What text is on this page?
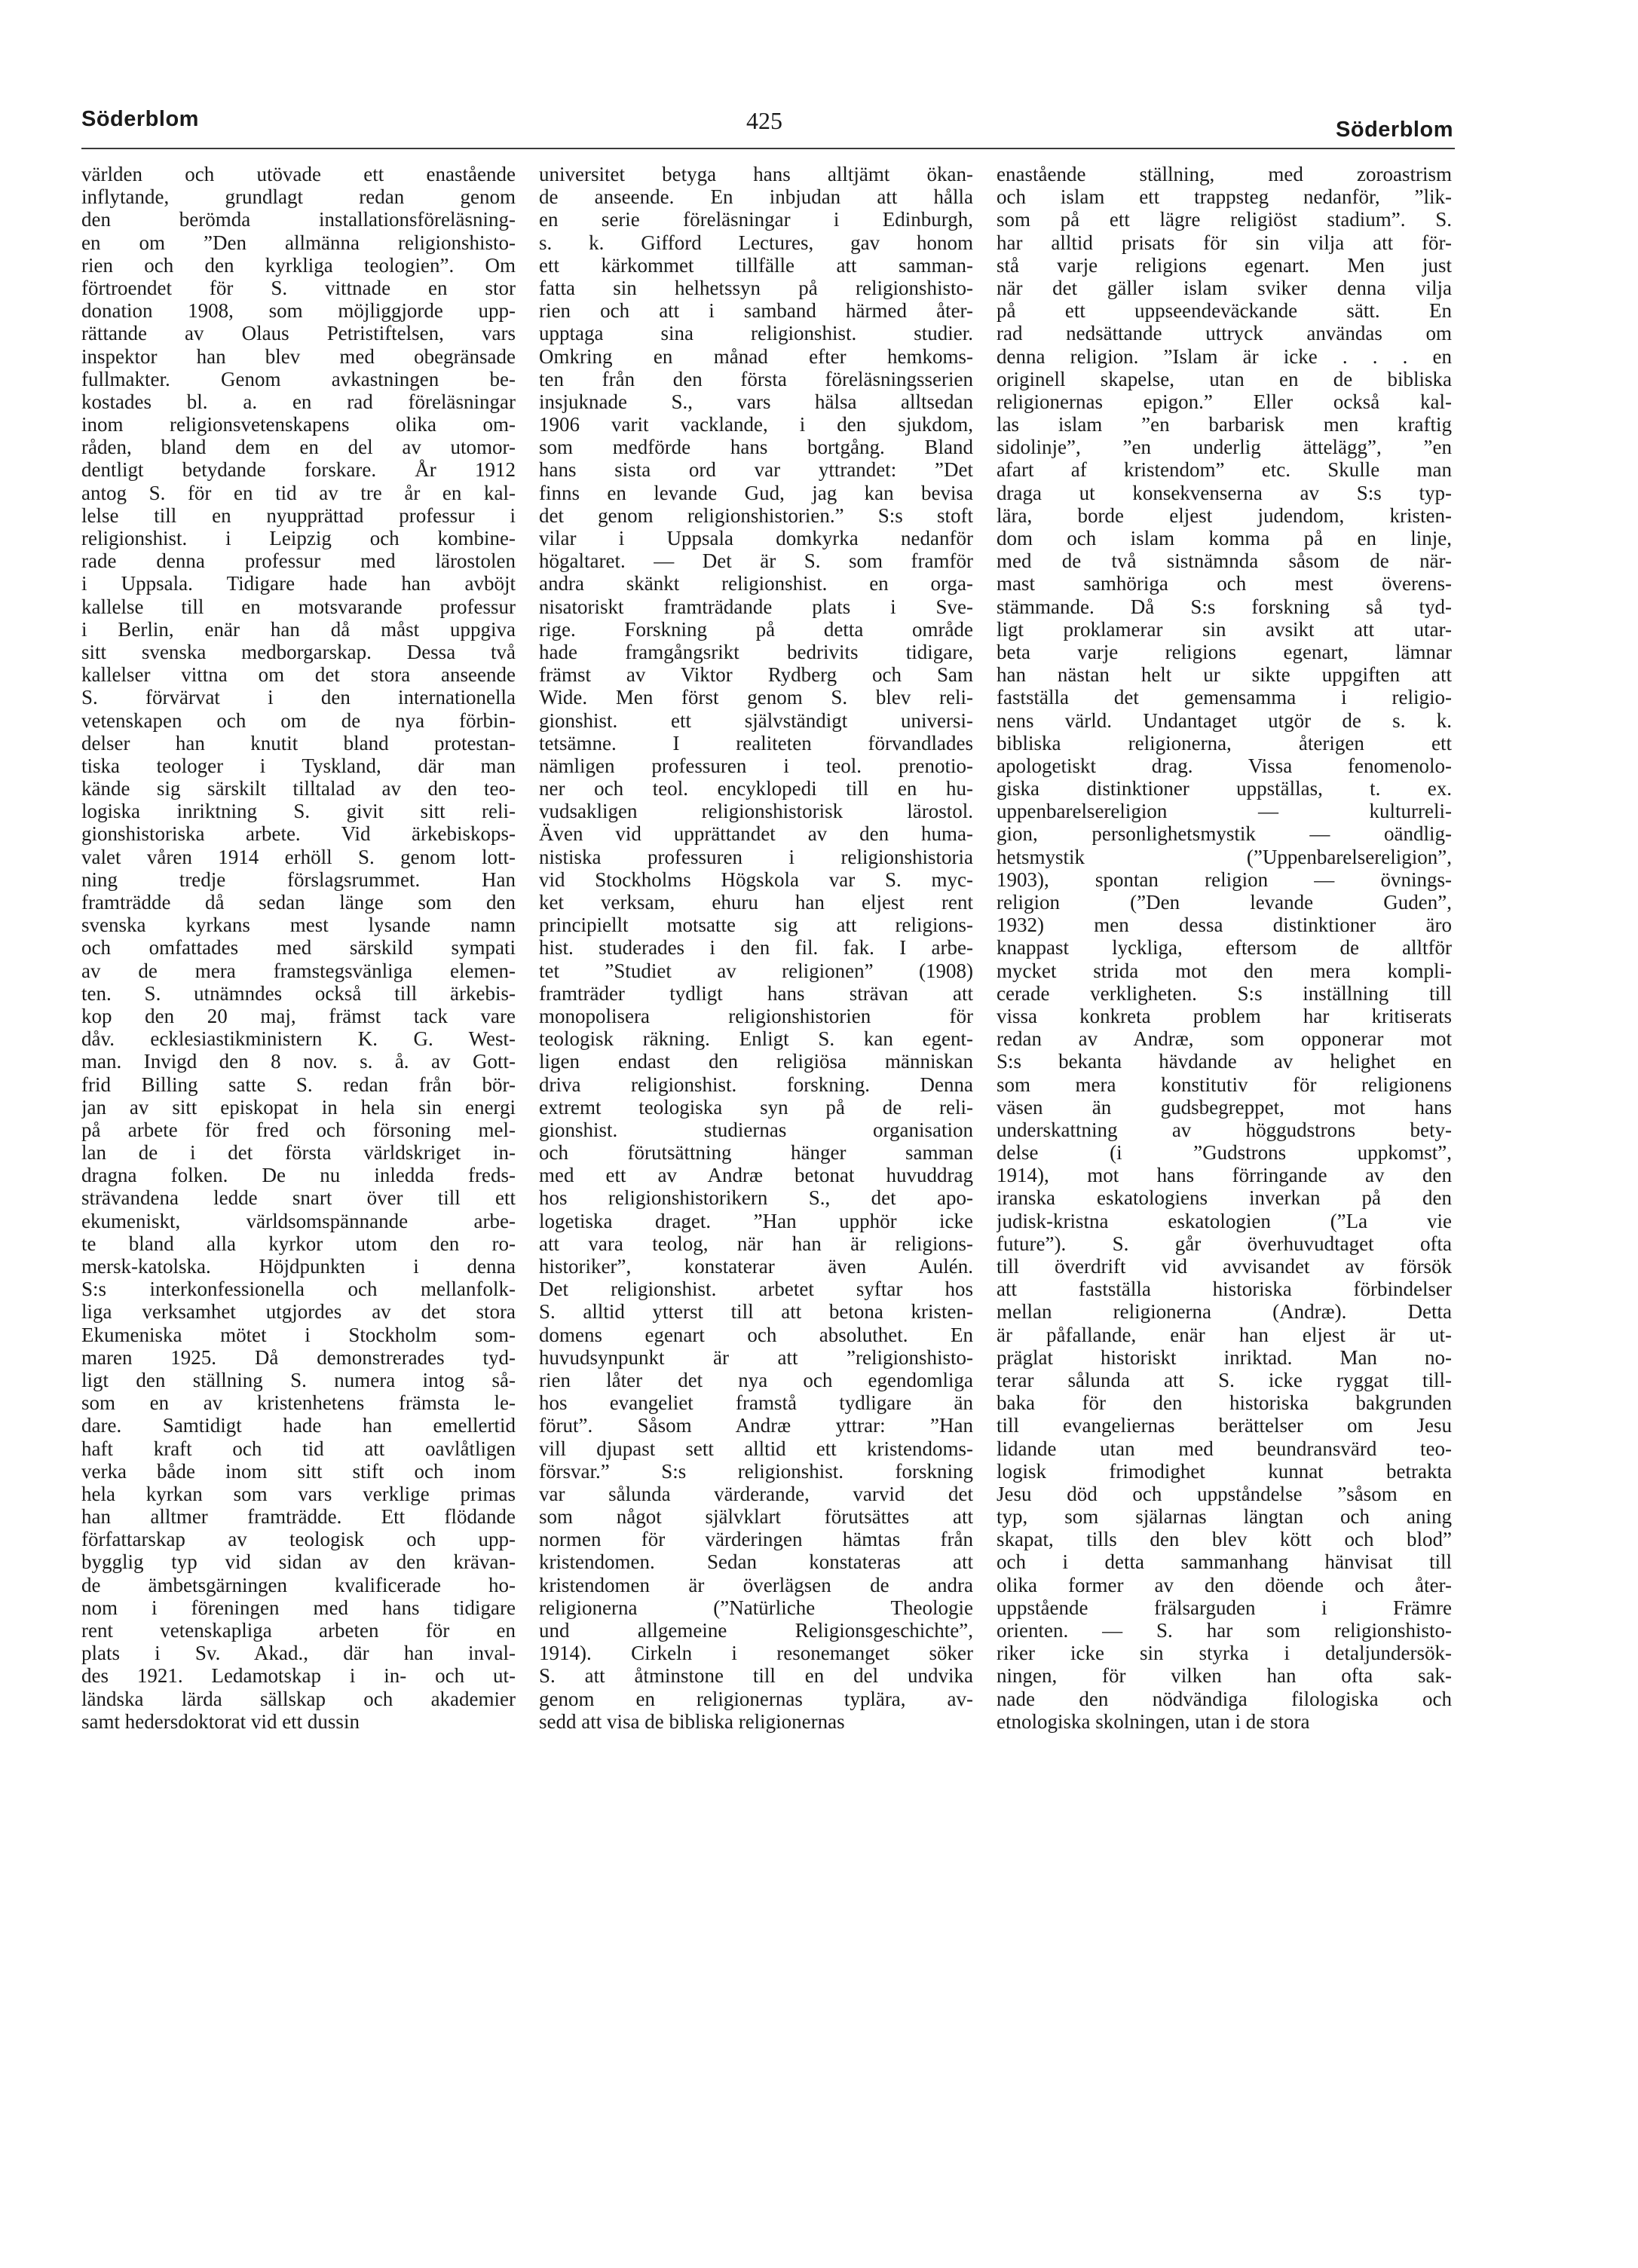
Söderblom	425	Söderblom
världen och utövade ett enastående
inflytande, grundlagt redan genom
den berömda installationsföreläsning-
en om ”Den allmänna religionshisto-
rien och den kyrkliga teologien”. Om
förtroendet för S. vittnade en stor
donation 1908, som möjliggjorde upp-
rättande av Olaus Petristiftelsen, vars
inspektor han blev med obegränsade
fullmakter. Genom avkastningen be-
kostades bl. a. en rad föreläsningar
inom religionsvetenskapens olika om-
råden, bland dem en del av utomor-
dentligt betydande forskare. År 1912
antog S. för en tid av tre år en kal-
lelse till en nyupprättad professur i
religionshist. i Leipzig och kombine-
rade denna professur med lärostolen
i Uppsala. Tidigare hade han avböjt
kallelse till en motsvarande professur
i Berlin, enär han då måst uppgiva
sitt svenska medborgarskap. Dessa två
kallelser vittna om det stora anseende
S. förvärvat i den internationella
vetenskapen och om de nya förbin-
delser han knutit bland protestan-
tiska teologer i Tyskland, där man
kände sig särskilt tilltalad av den teo-
logiska inriktning S. givit sitt reli-
gionshistoriska arbete. Vid ärkebiskops-
valet våren 1914 erhöll S. genom lott-
ning tredje förslagsrummet. Han
framträdde då sedan länge som den
svenska kyrkans mest lysande namn
och omfattades med särskild sympati
av de mera framstegsvänliga elemen-
ten. S. utnämndes också till ärkebis-
kop den 20 maj, främst tack vare
dåv. ecklesiastikministern K. G. West-
man. Invigd den 8 nov. s. å. av Gott-
frid Billing satte S. redan från bör-
jan av sitt episkopat in hela sin energi
på arbete för fred och försoning mel-
lan de i det första världskriget in-
dragna folken. De nu inledda freds-
strävandena ledde snart över till ett
ekumeniskt, världsomspännande arbe-
te bland alla kyrkor utom den ro-
mersk-katolska. Höjdpunkten i denna
S:s interkonfessionella och mellanfolk-
liga verksamhet utgjordes av det stora
Ekumeniska mötet i Stockholm som-
maren 1925. Då demonstrerades tyd-
ligt den ställning S. numera intog så-
som en av kristenhetens främsta le-
dare. Samtidigt hade han emellertid
haft kraft och tid att oavlåtligen
verka både inom sitt stift och inom
hela kyrkan som vars verklige primas
han alltmer framträdde. Ett flödande
författarskap av teologisk och upp-
bygglig typ vid sidan av den krävan-
de ämbetsgärningen kvalificerade ho-
nom i föreningen med hans tidigare
rent vetenskapliga arbeten för en
plats i Sv. Akad., där han inval-
des 1921. Ledamotskap i in- och ut-
ländska lärda sällskap och akademier
samt hedersdoktorat vid ett dussin
universitet betyga hans alltjämt ökan-
de anseende. En inbjudan att hålla
en serie föreläsningar i Edinburgh,
s. k. Gifford Lectures, gav honom
ett kärkommet tillfälle att samman-
fatta sin helhetssyn på religionshisto-
rien och att i samband härmed åter-
upptaga sina religionshist. studier.
Omkring en månad efter hemkoms-
ten från den första föreläsningsserien
insjuknade S., vars hälsa alltsedan
1906 varit vacklande, i den sjukdom,
som medförde hans bortgång. Bland
hans sista ord var yttrandet: ”Det
finns en levande Gud, jag kan bevisa
det genom religionshistorien.” S:s stoft
vilar i Uppsala domkyrka nedanför
högaltaret. — Det är S. som framför
andra skänkt religionshist. en orga-
nisatoriskt framträdande plats i Sve-
rige. Forskning på detta område
hade framgångsrikt bedrivits tidigare,
främst av Viktor Rydberg och Sam
Wide. Men först genom S. blev reli-
gionshist. ett självständigt universi-
tetsämne. I realiteten förvandlades
nämligen professuren i teol. prenotio-
ner och teol. encyklopedi till en hu-
vudsakligen religionshistorisk lärostol.
Även vid upprättandet av den huma-
nistiska professuren i religionshistoria
vid Stockholms Högskola var S. myc-
ket verksam, ehuru han eljest rent
principiellt motsatte sig att religions-
hist. studerades i den fil. fak. I arbe-
tet ”Studiet av religionen” (1908)
framträder tydligt hans strävan att
monopolisera religionshistorien för
teologisk räkning. Enligt S. kan egent-
ligen endast den religiösa människan
driva religionshist. forskning. Denna
extremt teologiska syn på de reli-
gionshist. studiernas organisation
och förutsättning hänger samman
med ett av Andræ betonat huvuddrag
hos religionshistorikern S., det apo-
logetiska draget. ”Han upphör icke
att vara teolog, när han är religions-
historiker”, konstaterar även Aulén.
Det religionshist. arbetet syftar hos
S. alltid ytterst till att betona kristen-
domens egenart och absoluthet. En
huvudsynpunkt är att ”religionshisto-
rien låter det nya och egendomliga
hos evangeliet framstå tydligare än
förut”. Såsom Andræ yttrar: ”Han
vill djupast sett alltid ett kristendoms-
försvar.” S:s religionshist. forskning
var sålunda värderande, varvid det
som något självklart förutsättes att
normen för värderingen hämtas från
kristendomen. Sedan konstateras att
kristendomen är överlägsen de andra
religionerna (”Natürliche Theologie
und allgemeine Religionsgeschichte”,
1914). Cirkeln i resonemanget söker
S. att åtminstone till en del undvika
genom en religionernas typlära, av-
sedd att visa de bibliska religionernas
enastående ställning, med zoroastrism
och islam ett trappsteg nedanför, ”lik-
som på ett lägre religiöst stadium”. S.
har alltid prisats för sin vilja att för-
stå varje religions egenart. Men just
när det gäller islam sviker denna vilja
på ett uppseendeväckande sätt. En
rad nedsättande uttryck användas om
denna religion. ”Islam är icke . . . en
originell skapelse, utan en de bibliska
religionernas epigon.” Eller också kal-
las islam ”en barbarisk men kraftig
sidolinje”, ”en underlig ättelägg”, ”en
afart af kristendom” etc. Skulle man
draga ut konsekvenserna av S:s typ-
lära, borde eljest judendom, kristen-
dom och islam komma på en linje,
med de två sistnämnda såsom de när-
mast samhöriga och mest överens-
stämmande. Då S:s forskning så tyd-
ligt proklamerar sin avsikt att utar-
beta varje religions egenart, lämnar
han nästan helt ur sikte uppgiften att
fastställa det gemensamma i religio-
nens värld. Undantaget utgör de s. k.
bibliska religionerna, återigen ett
apologetiskt drag. Vissa fenomenolo-
giska distinktioner uppställas, t. ex.
uppenbarelsereligion — kulturreli-
gion, personlighetsmystik — oändlig-
hetsmystik (”Uppenbarelsereligion”,
1903), spontan religion — övnings-
religion (”Den levande Guden”,
1932) men dessa distinktioner äro
knappast lyckliga, eftersom de alltför
mycket strida mot den mera kompli-
cerade verkligheten. S:s inställning till
vissa konkreta problem har kritiserats
redan av Andræ, som opponerar mot
S:s bekanta hävdande av helighet en
som mera konstitutiv för religionens
väsen än gudsbegreppet, mot hans
underskattning av höggudstrons bety-
delse (i ”Gudstrons uppkomst”,
1914), mot hans förringande av den
iranska eskatologiens inverkan på den
judisk-kristna eskatologien (”La vie
future”). S. går överhuvudtaget ofta
till överdrift vid avvisandet av försök
att fastställa historiska förbindelser
mellan religionerna (Andræ). Detta
är påfallande, enär han eljest är ut-
präglat historiskt inriktad. Man no-
terar sålunda att S. icke ryggat till-
baka för den historiska bakgrunden
till evangeliernas berättelser om Jesu
lidande utan med beundransvärd teo-
logisk frimodighet kunnat betrakta
Jesu död och uppståndelse ”såsom en
typ, som själarnas längtan och aning
skapat, tills den blev kött och blod”
och i detta sammanhang hänvisat till
olika former av den döende och åter-
uppstående frälsarguden i Främre
orienten. — S. har som religionshisto-
riker icke sin styrka i detaljundersök-
ningen, för vilken han ofta sak-
nade den nödvändiga filologiska och
etnologiska skolningen, utan i de stora
